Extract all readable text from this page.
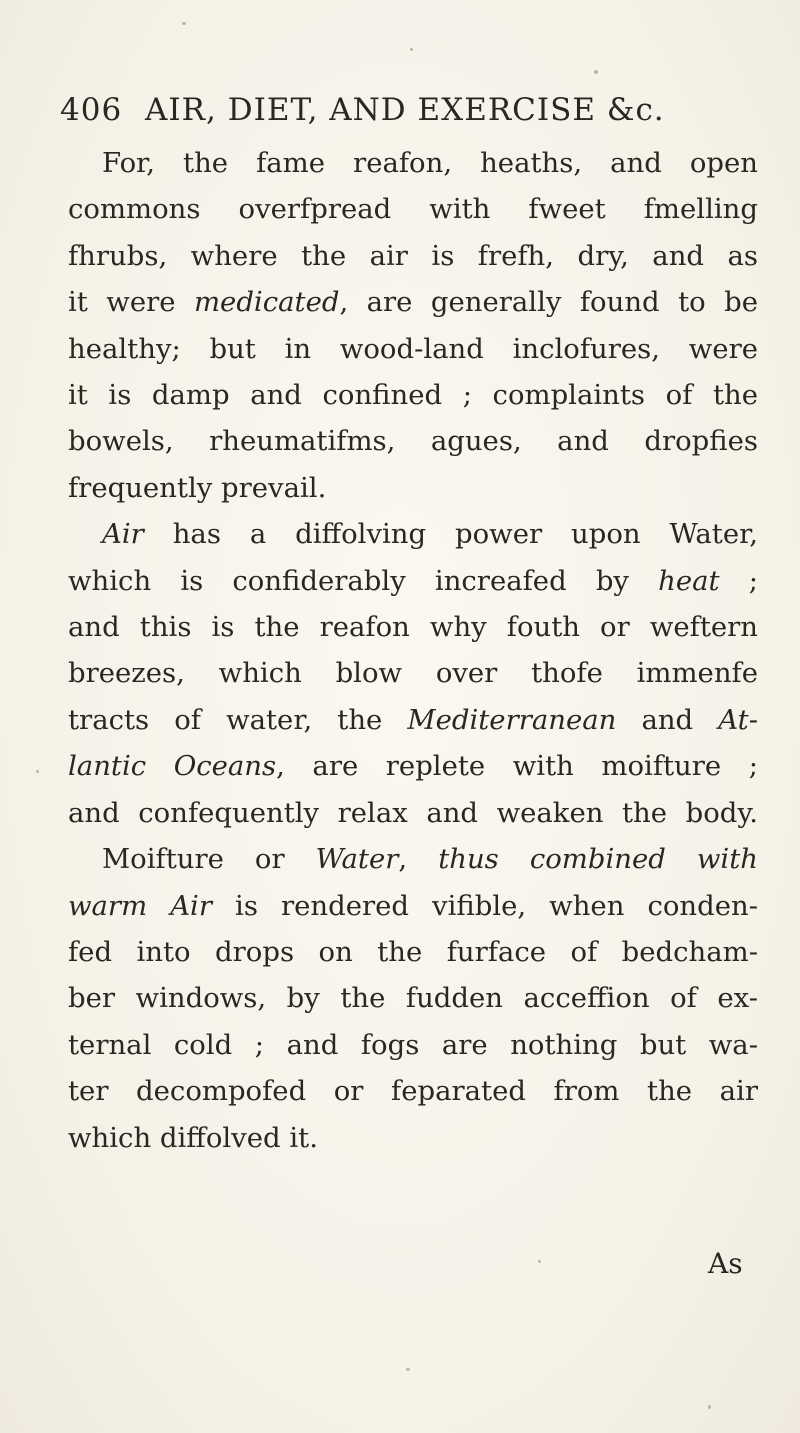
406 AIR, DIET, AND EXERCISE &c.
For, the fame reafon, heaths, and open
commons overfpread with fweet fmelling
fhrubs, where the air is frefh, dry, and as
it were medicated, are generally found to be
healthy; but in wood-land inclofures, were
it is damp and confined ; complaints of the
bowels, rheumatifms, agues, and dropfies
frequently prevail.
Air has a diffolving power upon Water,
which is confiderably increafed by heat ;
and this is the reafon why fouth or weftern
breezes, which blow over thofe immenfe
tracts of water, the Mediterranean and At-
lantic Oceans, are replete with moifture ;
and confequently relax and weaken the body.
Moifture or Water, thus combined with
warm Air is rendered vifible, when conden-
fed into drops on the furface of bedcham-
ber windows, by the fudden acceffion of ex-
ternal cold ; and fogs are nothing but wa-
ter decompofed or feparated from the air
which diffolved it.
As
